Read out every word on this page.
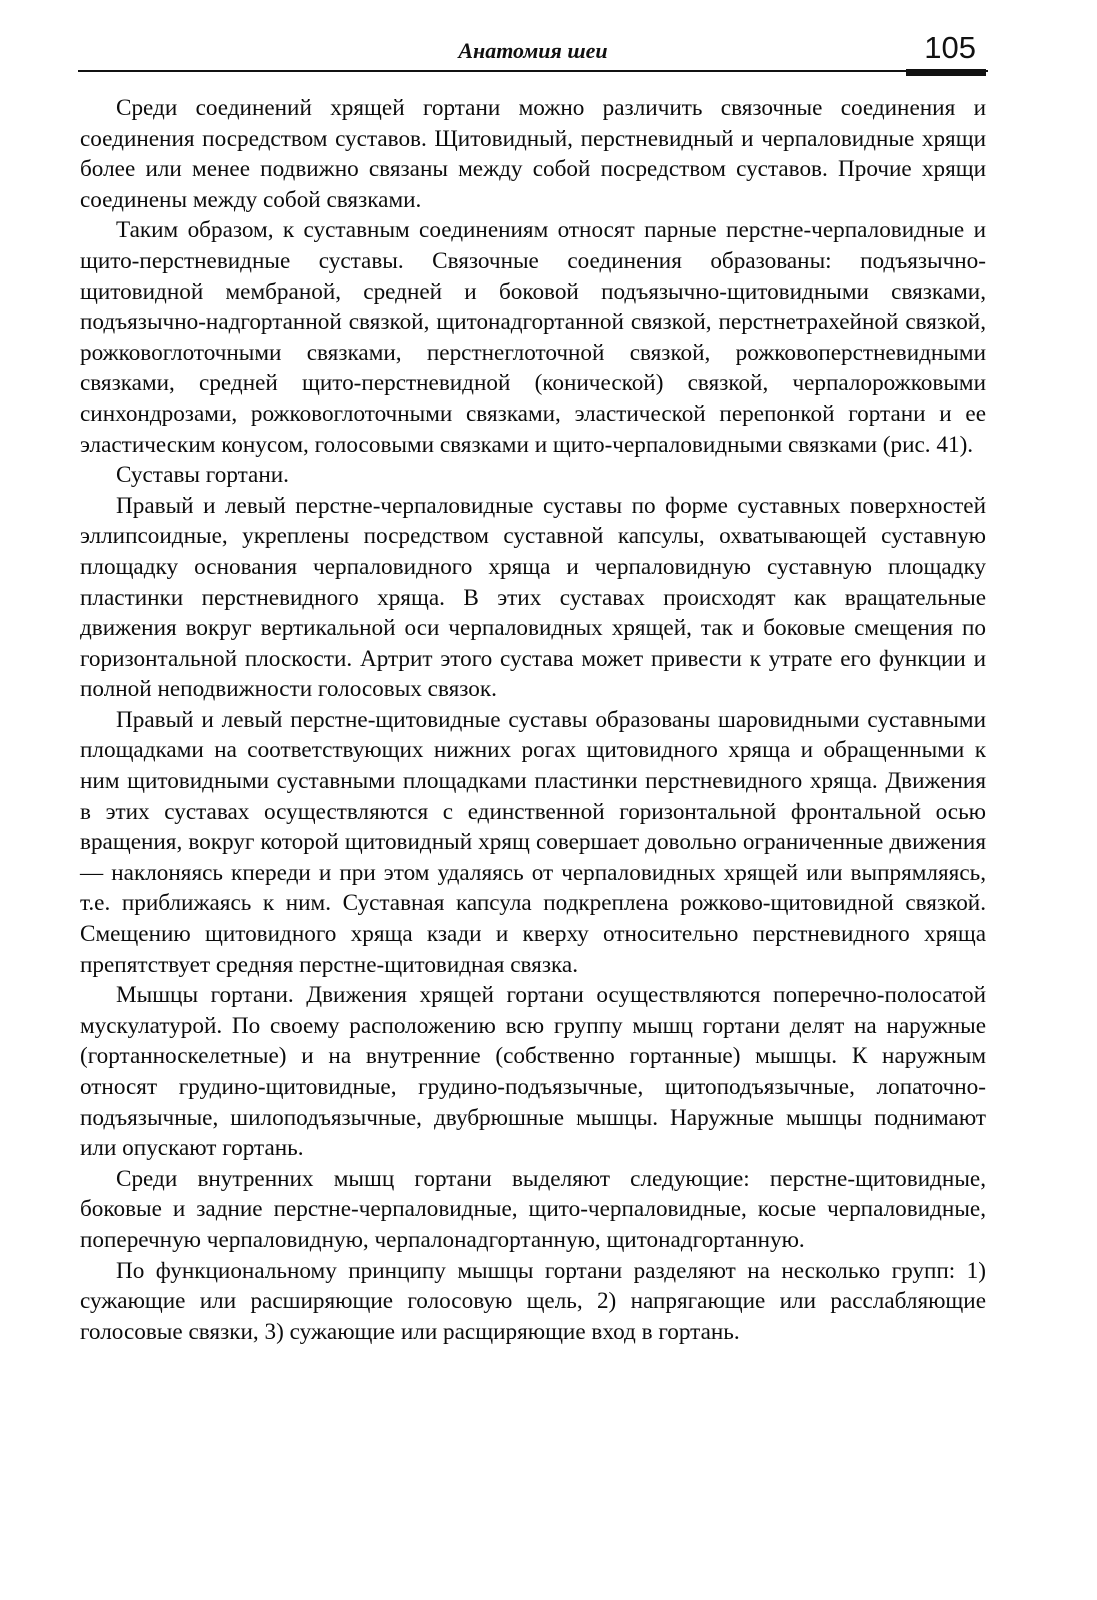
Анатомия шеи	105

Среди соединений хрящей гортани можно различить связочные соединения и соединения посредством суставов. Щитовидный, перстневидный и черпаловидные хрящи более или менее подвижно связаны между собой посредством суставов. Прочие хрящи соединены между собой связками.

Таким образом, к суставным соединениям относят парные перстне-черпаловидные и щито-перстневидные суставы. Связочные соединения образованы: подъязычно-щитовидной мембраной, средней и боковой подъязычно-щитовидными связками, подъязычно-надгортанной связкой, щитонадгортанной связкой, перстнетрахейной связкой, рожковоглоточными связками, перстнеглоточной связкой, рожковоперстневидными связками, средней щито-перстневидной (конической) связкой, черпалорожковыми синхондрозами, рожковоглоточными связками, эластической перепонкой гортани и ее эластическим конусом, голосовыми связками и щито-черпаловидными связками (рис. 41).

Суставы гортани.

Правый и левый перстне-черпаловидные суставы по форме суставных поверхностей эллипсоидные, укреплены посредством суставной капсулы, охватывающей суставную площадку основания черпаловидного хряща и черпаловидную суставную площадку пластинки перстневидного хряща. В этих суставах происходят как вращательные движения вокруг вертикальной оси черпаловидных хрящей, так и боковые смещения по горизонтальной плоскости. Артрит этого сустава может привести к утрате его функции и полной неподвижности голосовых связок.

Правый и левый перстне-щитовидные суставы образованы шаровидными суставными площадками на соответствующих нижних рогах щитовидного хряща и обращенными к ним щитовидными суставными площадками пластинки перстневидного хряща. Движения в этих суставах осуществляются с единственной горизонтальной фронтальной осью вращения, вокруг которой щитовидный хрящ совершает довольно ограниченные движения — наклоняясь кпереди и при этом удаляясь от черпаловидных хрящей или выпрямляясь, т.е. приближаясь к ним. Суставная капсула подкреплена рожково-щитовидной связкой. Смещению щитовидного хряща кзади и кверху относительно перстневидного хряща препятствует средняя перстне-щитовидная связка.

Мышцы гортани. Движения хрящей гортани осуществляются поперечно-полосатой мускулатурой. По своему расположению всю группу мышц гортани делят на наружные (гортанноскелетные) и на внутренние (собственно гортанные) мышцы. К наружным относят грудино-щитовидные, грудино-подъязычные, щитоподъязычные, лопаточно-подъязычные, шилоподъязычные, двубрюшные мышцы. Наружные мышцы поднимают или опускают гортань.

Среди внутренних мышц гортани выделяют следующие: перстне-щитовидные, боковые и задние перстне-черпаловидные, щито-черпаловидные, косые черпаловидные, поперечную черпаловидную, черпалонадгортанную, щитонадгортанную.

По функциональному принципу мышцы гортани разделяют на несколько групп: 1) сужающие или расширяющие голосовую щель, 2) напрягающие или расслабляющие голосовые связки, 3) сужающие или расщиряющие вход в гортань.
